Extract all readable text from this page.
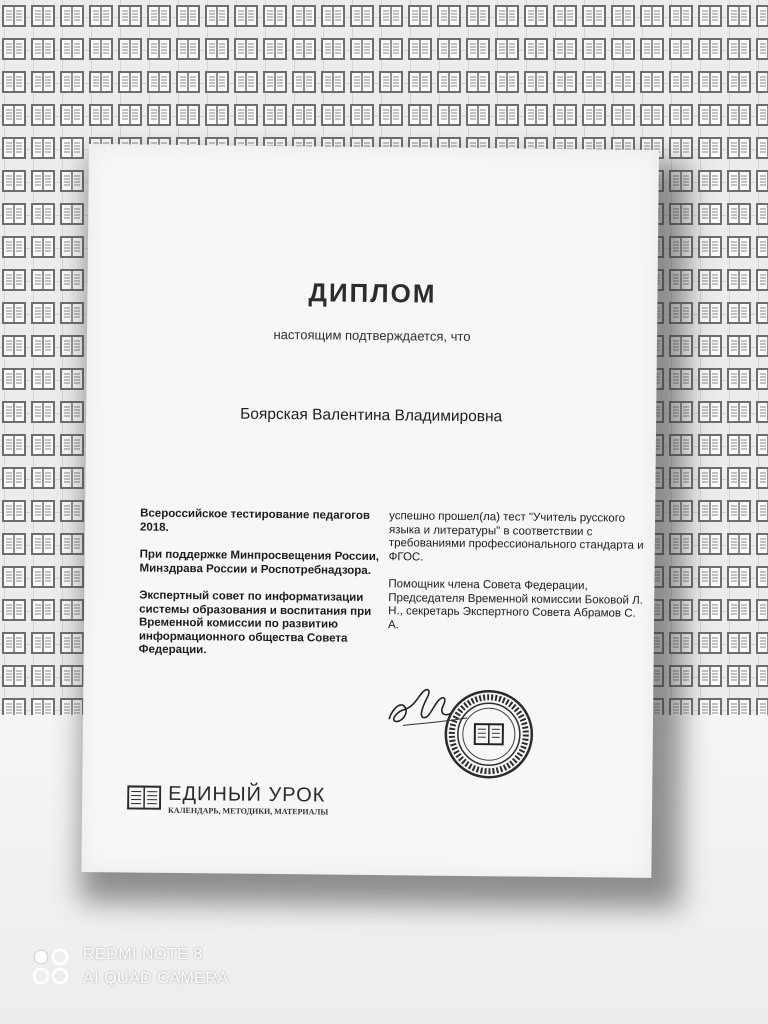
ДИПЛОМ
настоящим подтверждается, что
Боярская Валентина Владимировна

Всероссийское тестирование педагогов 2018.

При поддержке Минпросвещения России, Минздрава России и Роспотребнадзора.

Экспертный совет по информатизации системы образования и воспитания при Временной комиссии по развитию информационного общества Совета Федерации.

успешно прошел(ла) тест "Учитель русского языка и литературы" в соответствии с требованиями профессионального стандарта и ФГОС.

Помощник члена Совета Федерации, Председателя Временной комиссии Боковой Л. Н., секретарь Экспертного Совета Абрамов С. А.

ЕДИНЫЙ УРОК
КАЛЕНДАРЬ, МЕТОДИКИ, МАТЕРИАЛЫ
REDMI NOTE 8
AI QUAD CAMERA
